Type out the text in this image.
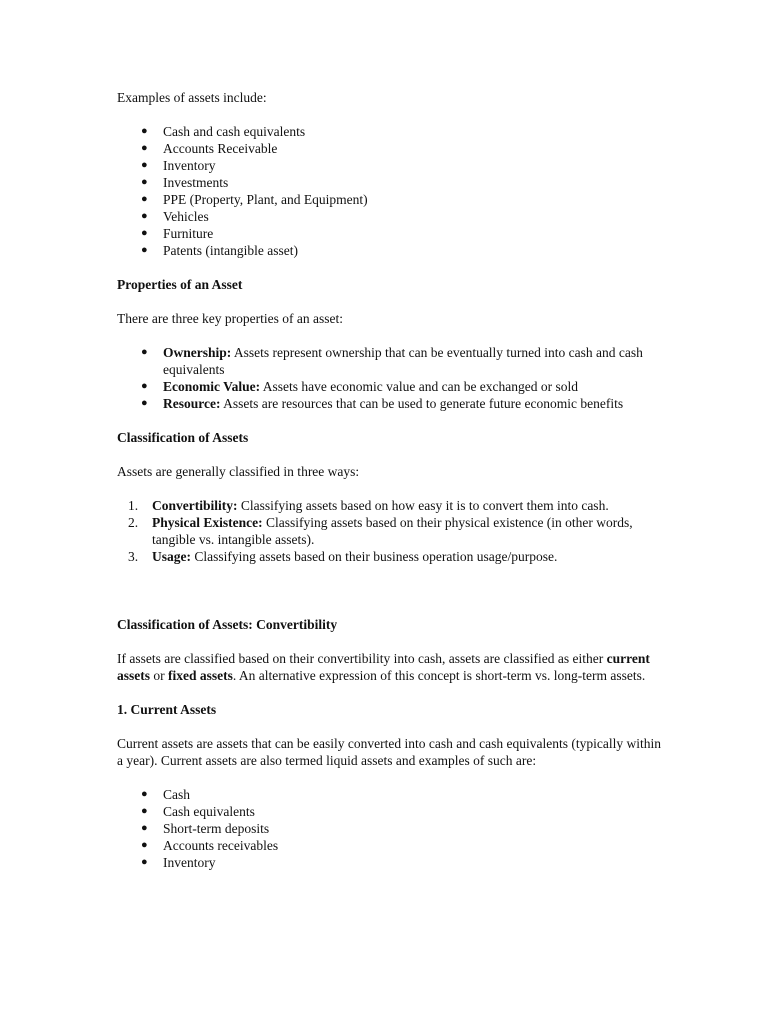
Examples of assets include:

● Cash and cash equivalents
● Accounts Receivable
● Inventory
● Investments
● PPE (Property, Plant, and Equipment)
● Vehicles
● Furniture
● Patents (intangible asset)
Properties of an Asset

There are three key properties of an asset:

● Ownership: Assets represent ownership that can be eventually turned into cash and cash equivalents
● Economic Value: Assets have economic value and can be exchanged or sold
● Resource: Assets are resources that can be used to generate future economic benefits
Classification of Assets

Assets are generally classified in three ways:

1. Convertibility: Classifying assets based on how easy it is to convert them into cash.
2. Physical Existence: Classifying assets based on their physical existence (in other words, tangible vs. intangible assets).
3. Usage: Classifying assets based on their business operation usage/purpose.
Classification of Assets: Convertibility

If assets are classified based on their convertibility into cash, assets are classified as either current assets or fixed assets. An alternative expression of this concept is short-term vs. long-term assets.

1. Current Assets

Current assets are assets that can be easily converted into cash and cash equivalents (typically within a year). Current assets are also termed liquid assets and examples of such are:

● Cash
● Cash equivalents
● Short-term deposits
● Accounts receivables
● Inventory
